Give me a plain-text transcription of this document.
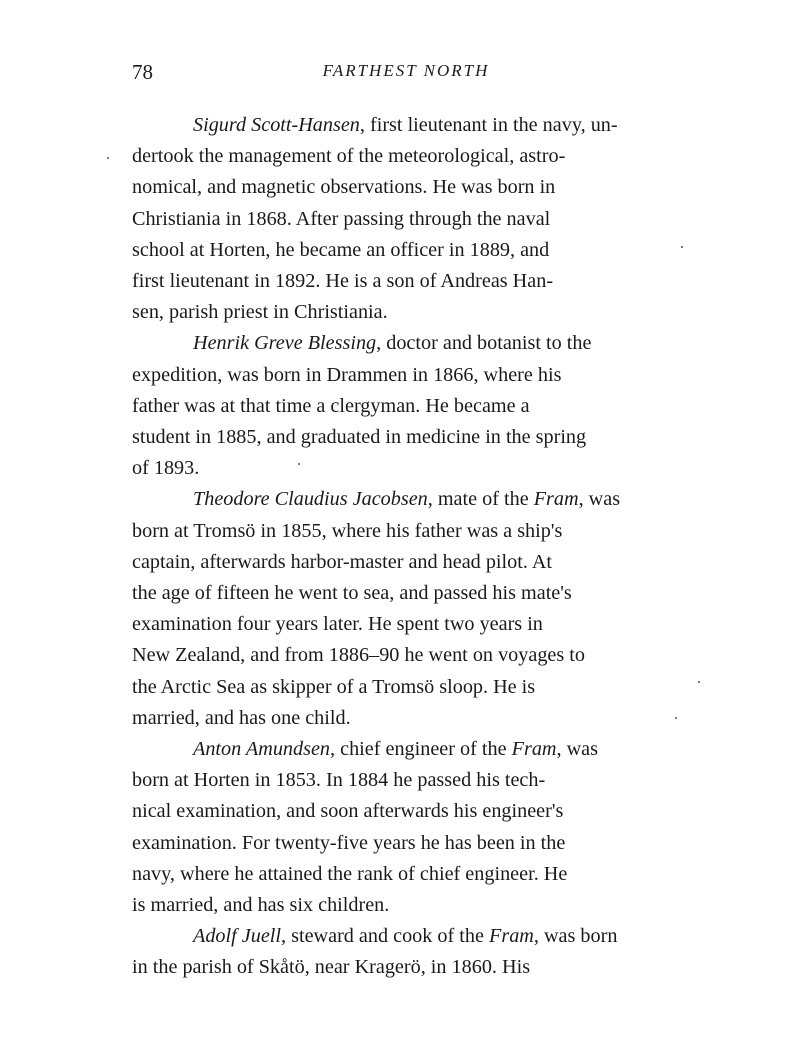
78	FARTHEST NORTH

Sigurd Scott-Hansen, first lieutenant in the navy, un-
dertook the management of the meteorological, astro-
nomical, and magnetic observations. He was born in
Christiania in 1868. After passing through the naval
school at Horten, he became an officer in 1889, and
first lieutenant in 1892. He is a son of Andreas Han-
sen, parish priest in Christiania.

Henrik Greve Blessing, doctor and botanist to the
expedition, was born in Drammen in 1866, where his
father was at that time a clergyman. He became a
student in 1885, and graduated in medicine in the spring
of 1893.

Theodore Claudius Jacobsen, mate of the Fram, was
born at Tromsö in 1855, where his father was a ship's
captain, afterwards harbor-master and head pilot. At
the age of fifteen he went to sea, and passed his mate's
examination four years later. He spent two years in
New Zealand, and from 1886–90 he went on voyages to
the Arctic Sea as skipper of a Tromsö sloop. He is
married, and has one child.

Anton Amundsen, chief engineer of the Fram, was
born at Horten in 1853. In 1884 he passed his tech-
nical examination, and soon afterwards his engineer's
examination. For twenty-five years he has been in the
navy, where he attained the rank of chief engineer. He
is married, and has six children.

Adolf Juell, steward and cook of the Fram, was born
in the parish of Skåtö, near Kragerö, in 1860. His
